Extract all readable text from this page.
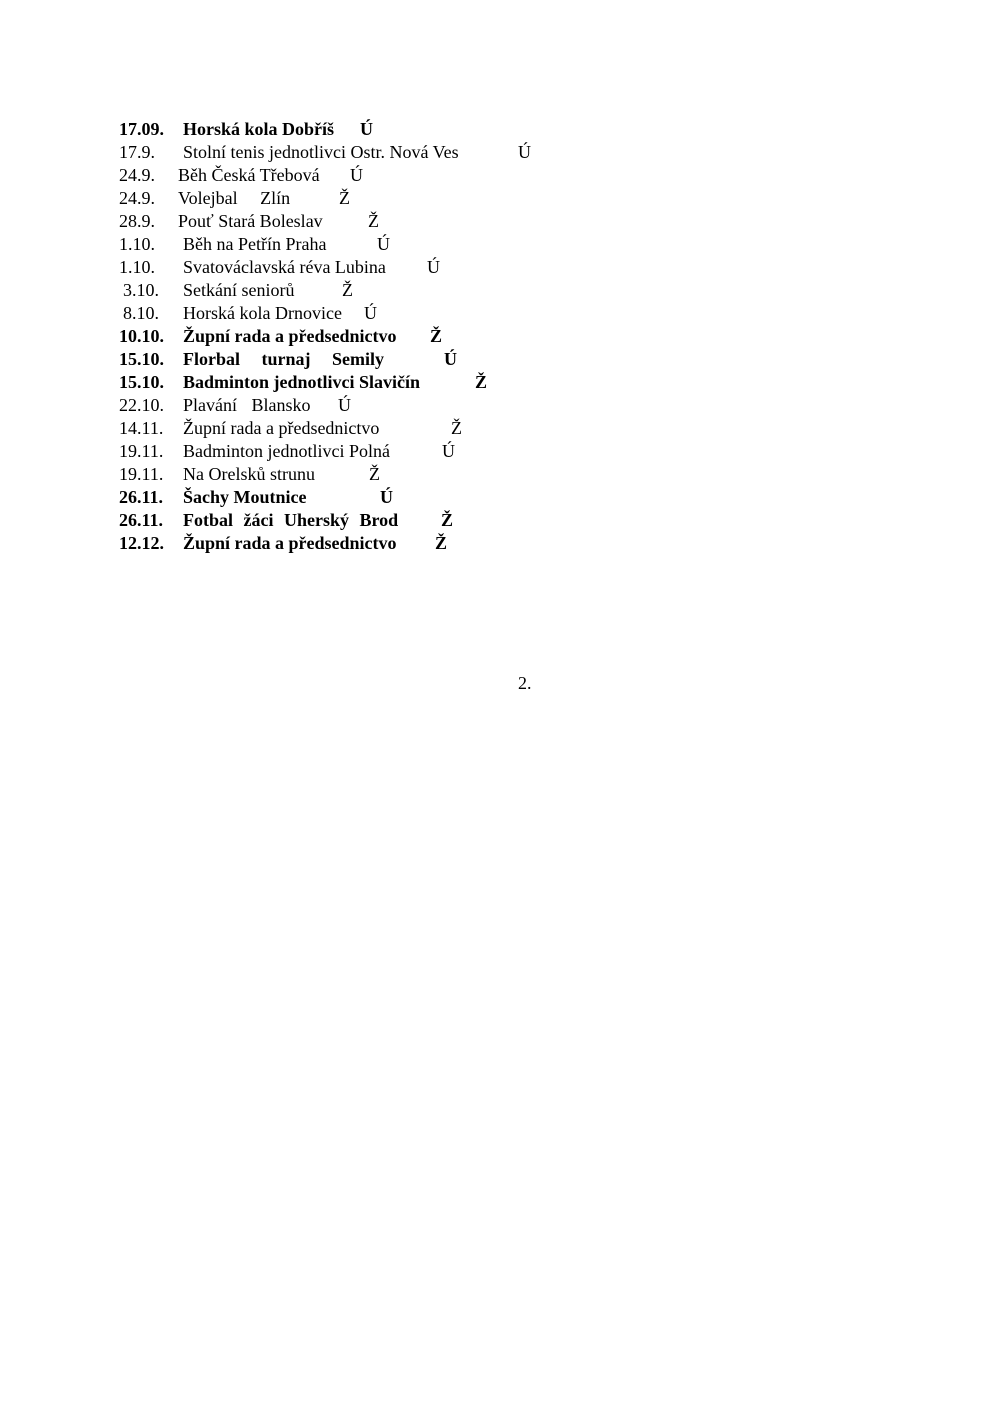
17.09. Horská kola Dobříš Ú
17.9. Stolní tenis jednotlivci Ostr. Nová Ves	Ú
24.9. Běh Česká Třebová Ú
24.9. Volejbal Zlín	Ž
28.9. Pouť Stará Boleslav	Ž
1.10. Běh na Petřín Praha	Ú
1.10. Svatováclavská réva Lubina Ú
3.10. Setkání seniorů	Ž
8.10. Horská kola Drnovice Ú
10.10. Župní rada a předsednictvo Ž
15.10. Florbal turnaj Semily	Ú
15.10. Badminton jednotlivci Slavičín	Ž
22.10. Plavání Blansko Ú
14.11. Župní rada a předsednictvo	Ž
19.11. Badminton jednotlivci Polná	Ú
19.11. Na Orelsků strunu	Ž
26.11. Šachy Moutnice	Ú
26.11. Fotbal žáci Uherský Brod Ž
12.12. Župní rada a předsednictvo Ž
2.
